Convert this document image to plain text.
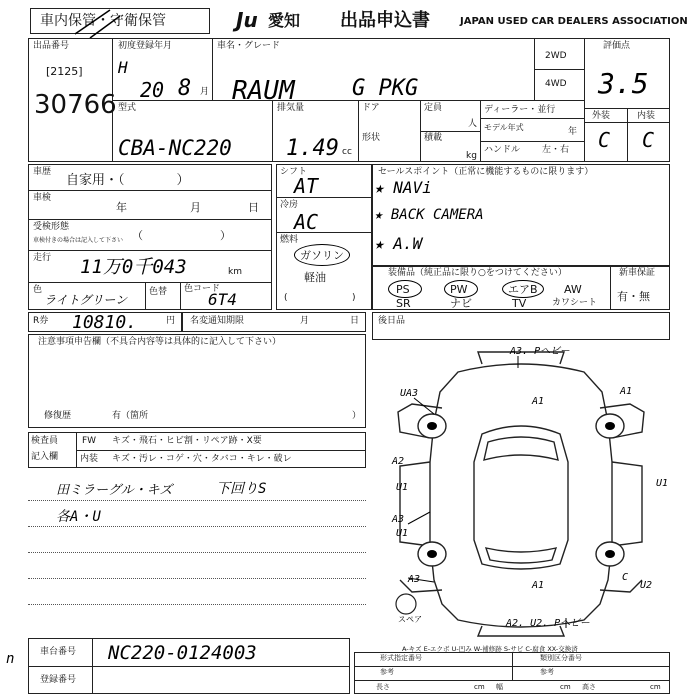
車内保管・守衛保管	Ju 愛知 出品申込書	JAPAN USED CAR DEALERS ASSOCIATION
出品番号
[2125]
30766
初度登録年月
H
20 8 月
車名・グレード
RAUM	G PKG
2WD
4WD
評価点
3.5
外装	内装
C C
型式
CBA-NC220
排気量
1.49 cc
ドア	定員
人
形状	積載
kg
ディーラー・並行
モデル年式	年
ハンドル 左・右
車歴
自家用・（　　　　）
車検
年	月	日
受検形態
車検付きの場合は記入して下さい （　　　　　　　）
走行 11万0千043	km
色
ライトグリーン
色替 色コード
6T4
シフト
AT
冷房
AC
燃料
ガソリン
軽油
(	)
セールスポイント（正常に機能するものに限ります）
★ NAVi
★ BACK CAMERA
★ A.W
装備品（純正品に限り○をつけてください）
PS
SR
PW
ナビ
エアB
TV
AW
カワシート
新車保証
有・無
R券 10810.	円 名変通知期限	月	日 後日品
注意事項申告欄（不具合内容等は具体的に記入して下さい）
修復歴	有（箇所	）
検査員
記入欄
FW キズ・飛石・ヒビ割・リペア跡・X要
内装 キズ・汚レ・コゲ・穴・タバコ・キレ・破レ
田ミラーグル・キズ	下回りS
各A・U
A3. Pヘビー
A1
UA3	A1
A2
U1	U1
A3
U1
A3
A1
C
U2
A2. U2. Pヘビー
スペア
A-キズ E-エクボ U-凹み W-補修跡 S-サビ C-腐食 XX-交換済
車台番号 NC220-0124003
登録番号
n	形式指定番号
参考
類別区分番号
参考
長さ	cm 幅	cm 高さ	cm
